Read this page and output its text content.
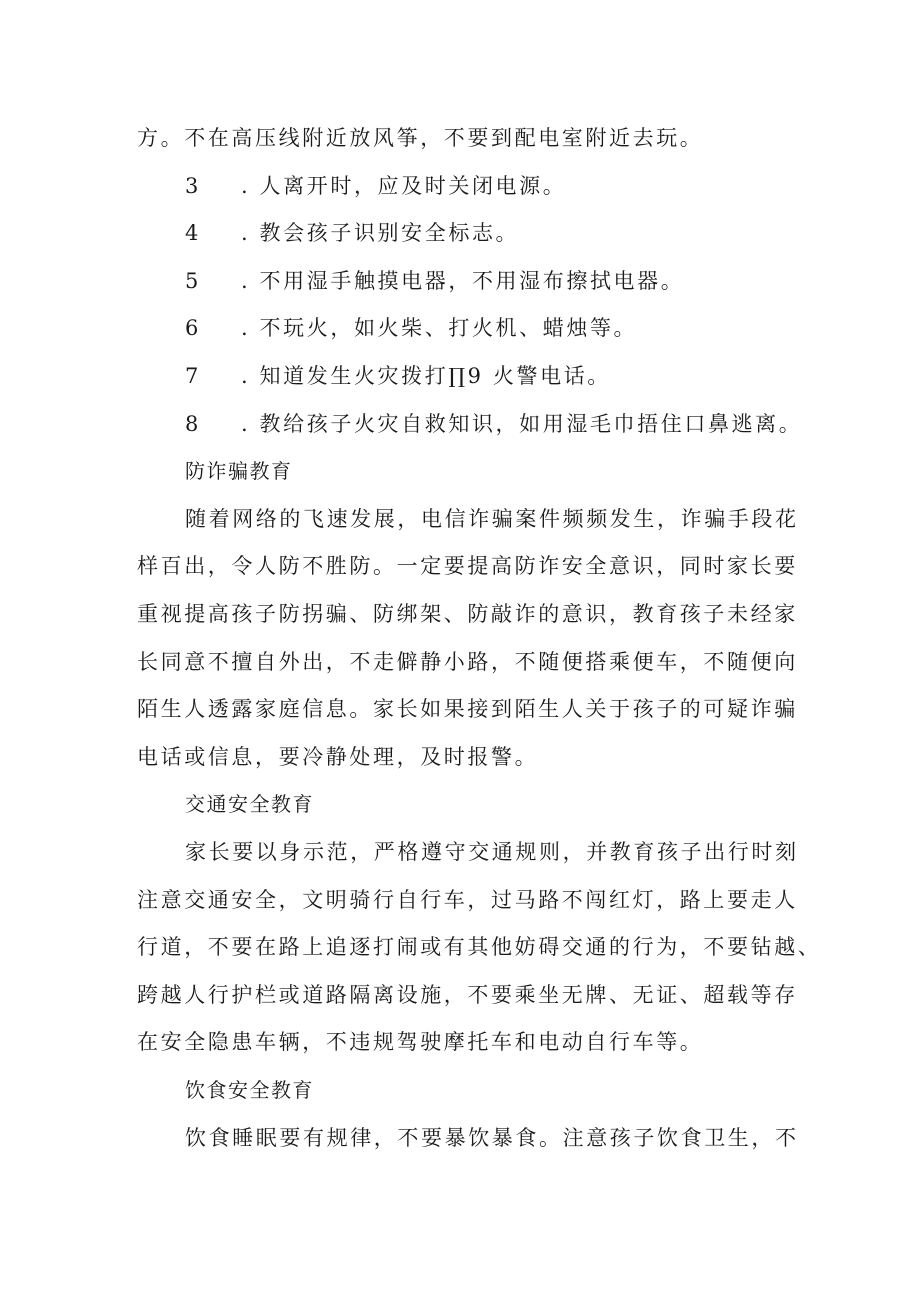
方。不在高压线附近放风筝，不要到配电室附近去玩。
3 . 人离开时，应及时关闭电源。
4 . 教会孩子识别安全标志。
5 . 不用湿手触摸电器，不用湿布擦拭电器。
6 . 不玩火，如火柴、打火机、蜡烛等。
7 . 知道发生火灾拨打∏9 火警电话。
8 . 教给孩子火灾自救知识，如用湿毛巾捂住口鼻逃离。
防诈骗教育
随着网络的飞速发展，电信诈骗案件频频发生，诈骗手段花
样百出，令人防不胜防。一定要提高防诈安全意识，同时家长要
重视提高孩子防拐骗、防绑架、防敲诈的意识，教育孩子未经家
长同意不擅自外出，不走僻静小路，不随便搭乘便车，不随便向
陌生人透露家庭信息。家长如果接到陌生人关于孩子的可疑诈骗
电话或信息，要冷静处理，及时报警。
交通安全教育
家长要以身示范，严格遵守交通规则，并教育孩子出行时刻
注意交通安全，文明骑行自行车，过马路不闯红灯，路上要走人
行道，不要在路上追逐打闹或有其他妨碍交通的行为，不要钻越、
跨越人行护栏或道路隔离设施，不要乘坐无牌、无证、超载等存
在安全隐患车辆，不违规驾驶摩托车和电动自行车等。
饮食安全教育
饮食睡眠要有规律，不要暴饮暴食。注意孩子饮食卫生，不
